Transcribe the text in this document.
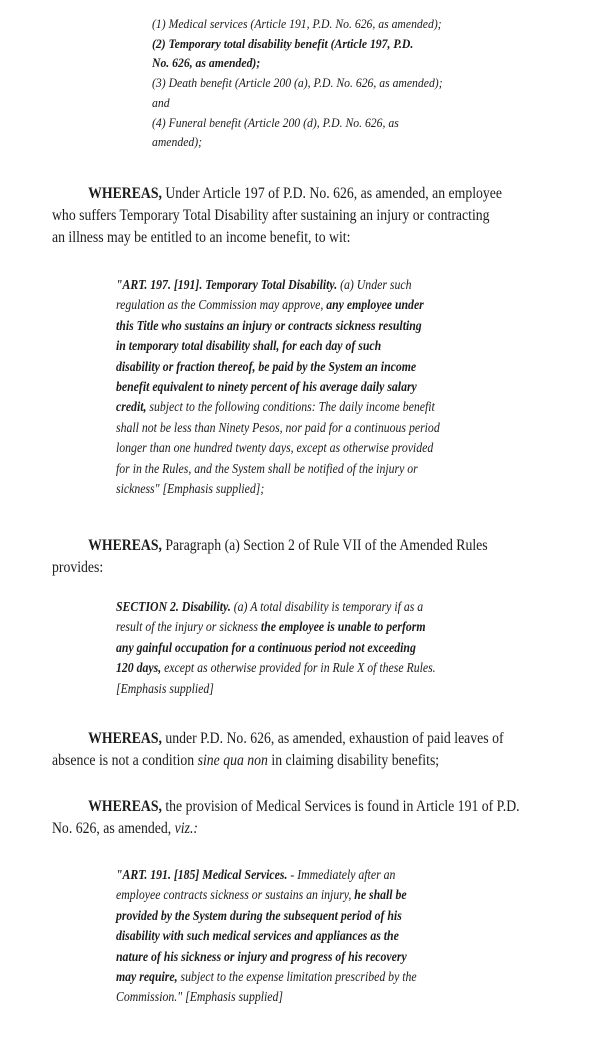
(1) Medical services (Article 191, P.D. No. 626, as amended);
(2) Temporary total disability benefit (Article 197, P.D.
No. 626, as amended);
(3) Death benefit (Article 200 (a), P.D. No. 626, as amended);
and
(4) Funeral benefit (Article 200 (d), P.D. No. 626, as
amended);
WHEREAS, Under Article 197 of P.D. No. 626, as amended, an employee
who suffers Temporary Total Disability after sustaining an injury or contracting
an illness may be entitled to an income benefit, to wit:
"ART. 197. [191]. Temporary Total Disability. (a) Under such
regulation as the Commission may approve, any employee under
this Title who sustains an injury or contracts sickness resulting
in temporary total disability shall, for each day of such
disability or fraction thereof, be paid by the System an income
benefit equivalent to ninety percent of his average daily salary
credit, subject to the following conditions: The daily income benefit
shall not be less than Ninety Pesos, nor paid for a continuous period
longer than one hundred twenty days, except as otherwise provided
for in the Rules, and the System shall be notified of the injury or
sickness" [Emphasis supplied];
WHEREAS, Paragraph (a) Section 2 of Rule VII of the Amended Rules
provides:
SECTION 2. Disability. (a) A total disability is temporary if as a
result of the injury or sickness the employee is unable to perform
any gainful occupation for a continuous period not exceeding
120 days, except as otherwise provided for in Rule X of these Rules.
[Emphasis supplied]
WHEREAS, under P.D. No. 626, as amended, exhaustion of paid leaves of
absence is not a condition sine qua non in claiming disability benefits;
WHEREAS, the provision of Medical Services is found in Article 191 of P.D.
No. 626, as amended, viz.:
"ART. 191. [185] Medical Services. - Immediately after an
employee contracts sickness or sustains an injury, he shall be
provided by the System during the subsequent period of his
disability with such medical services and appliances as the
nature of his sickness or injury and progress of his recovery
may require, subject to the expense limitation prescribed by the
Commission." [Emphasis supplied]
